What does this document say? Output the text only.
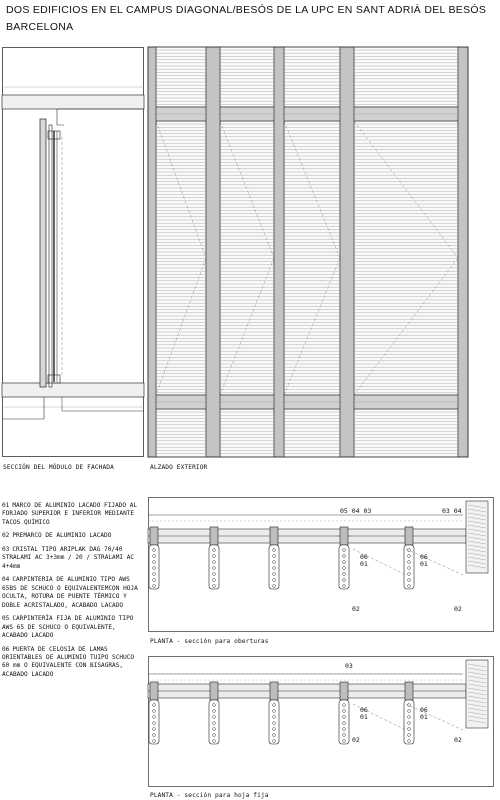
DOS EDIFICIOS EN EL CAMPUS DIAGONAL/BESÓS DE LA UPC EN SANT ADRIÀ DEL BESÓS
BARCELONA
SECCIÓN DEL MÓDULO DE FACHADA	ALZADO EXTERIOR
01 MARCO DE ALUMINIO LACADO FIJADO AL FORJADO SUPERIOR E INFERIOR MEDIANTE TACOS QUÍMICO
02 PREMARCO DE ALUMINIO LACADO
03 CRISTAL TIPO ARIPLAK DAG 70/40 STRALAMI AC 3+3mm / 20 / STRALAMI AC 4+4mm
04 CARPINTERIA DE ALUMINIO TIPO AWS 65BS DE SCHUCO O EQUIVALENTEMCON HOJA OCULTA, ROTURA DE PUENTE TÉRMICO Y DOBLE ACRISTALADO, ACABADO LACADO
05 CARPINTERÍA FIJA DE ALUMINIO TIPO AWS 65 DE SCHUCO O EQUIVALENTE, ACABADO LACADO
06 PUERTA DE CELOSIA DE LAMAS ORIENTABLES DE ALUMINIO TUIPO SCHUCO 60 mm O EQUIVALENTE CON BISAGRAS, ACABADO LACADO
05 04 03	03 04
06
01
06
01
02	02
PLANTA - sección para oberturas
03
06
01
06
01
02	02
PLANTA - sección para hoja fija
